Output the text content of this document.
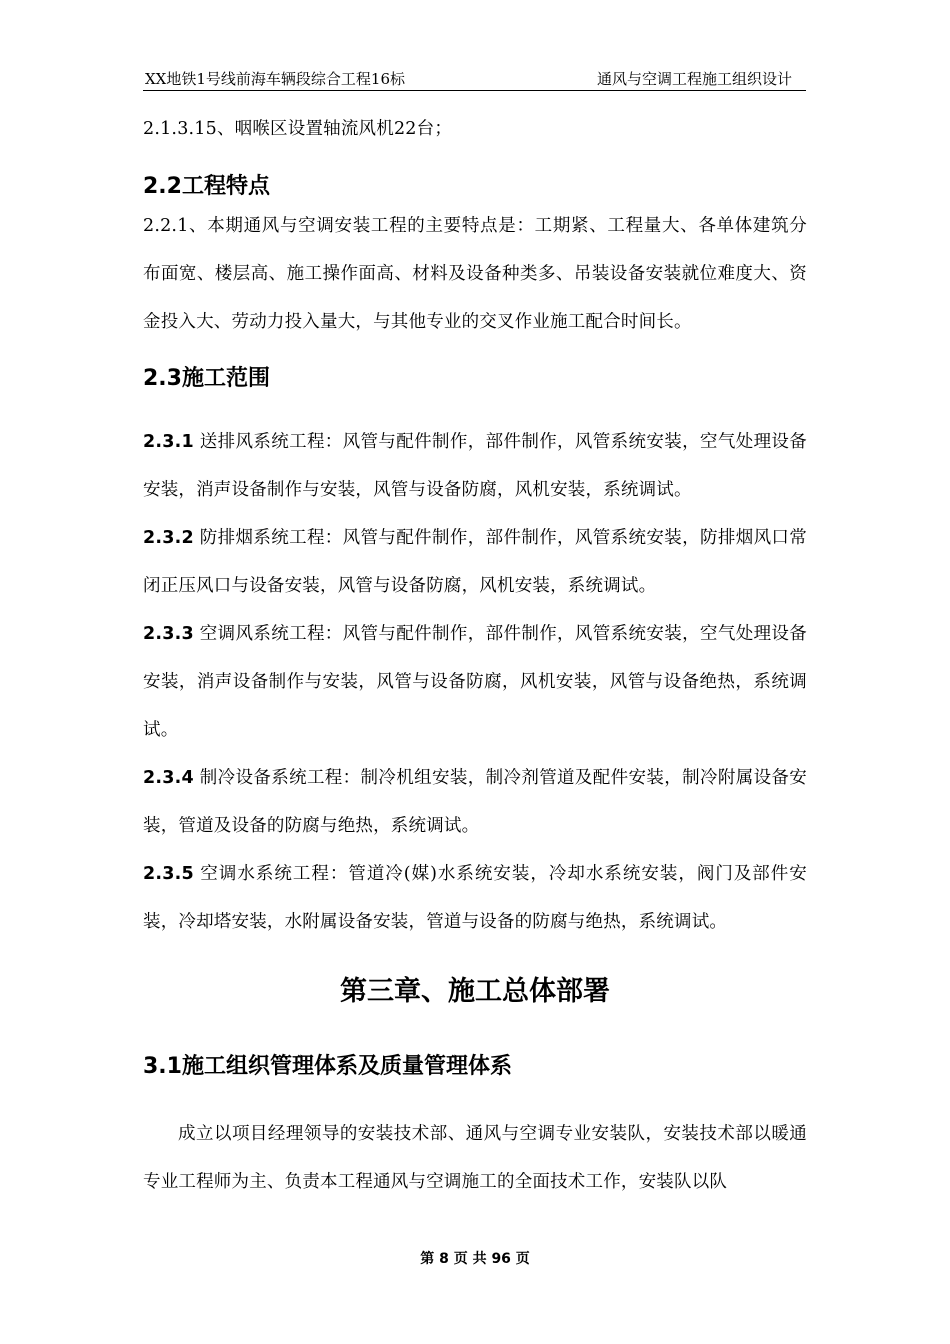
XX地铁1号线前海车辆段综合工程16标	通风与空调工程施工组织设计

2.1.3.15、咽喉区设置轴流风机22台；

2.2工程特点

2.2.1、本期通风与空调安装工程的主要特点是：工期紧、工程量大、各单体建筑分布面宽、楼层高、施工操作面高、材料及设备种类多、吊装设备安装就位难度大、资金投入大、劳动力投入量大，与其他专业的交叉作业施工配合时间长。

2.3施工范围

2.3.1 送排风系统工程：风管与配件制作，部件制作，风管系统安装，空气处理设备安装，消声设备制作与安装，风管与设备防腐，风机安装，系统调试。

2.3.2 防排烟系统工程：风管与配件制作，部件制作，风管系统安装，防排烟风口常闭正压风口与设备安装，风管与设备防腐，风机安装，系统调试。

2.3.3 空调风系统工程：风管与配件制作，部件制作，风管系统安装，空气处理设备安装，消声设备制作与安装，风管与设备防腐，风机安装，风管与设备绝热，系统调试。

2.3.4 制冷设备系统工程：制冷机组安装，制冷剂管道及配件安装，制冷附属设备安装，管道及设备的防腐与绝热，系统调试。

2.3.5 空调水系统工程：管道冷(媒)水系统安装，冷却水系统安装，阀门及部件安装，冷却塔安装，水附属设备安装，管道与设备的防腐与绝热，系统调试。

第三章、施工总体部署
3.1施工组织管理体系及质量管理体系

成立以项目经理领导的安装技术部、通风与空调专业安装队，安装技术部以暖通专业工程师为主、负责本工程通风与空调施工的全面技术工作，安装队以队

第 8 页 共 96 页
